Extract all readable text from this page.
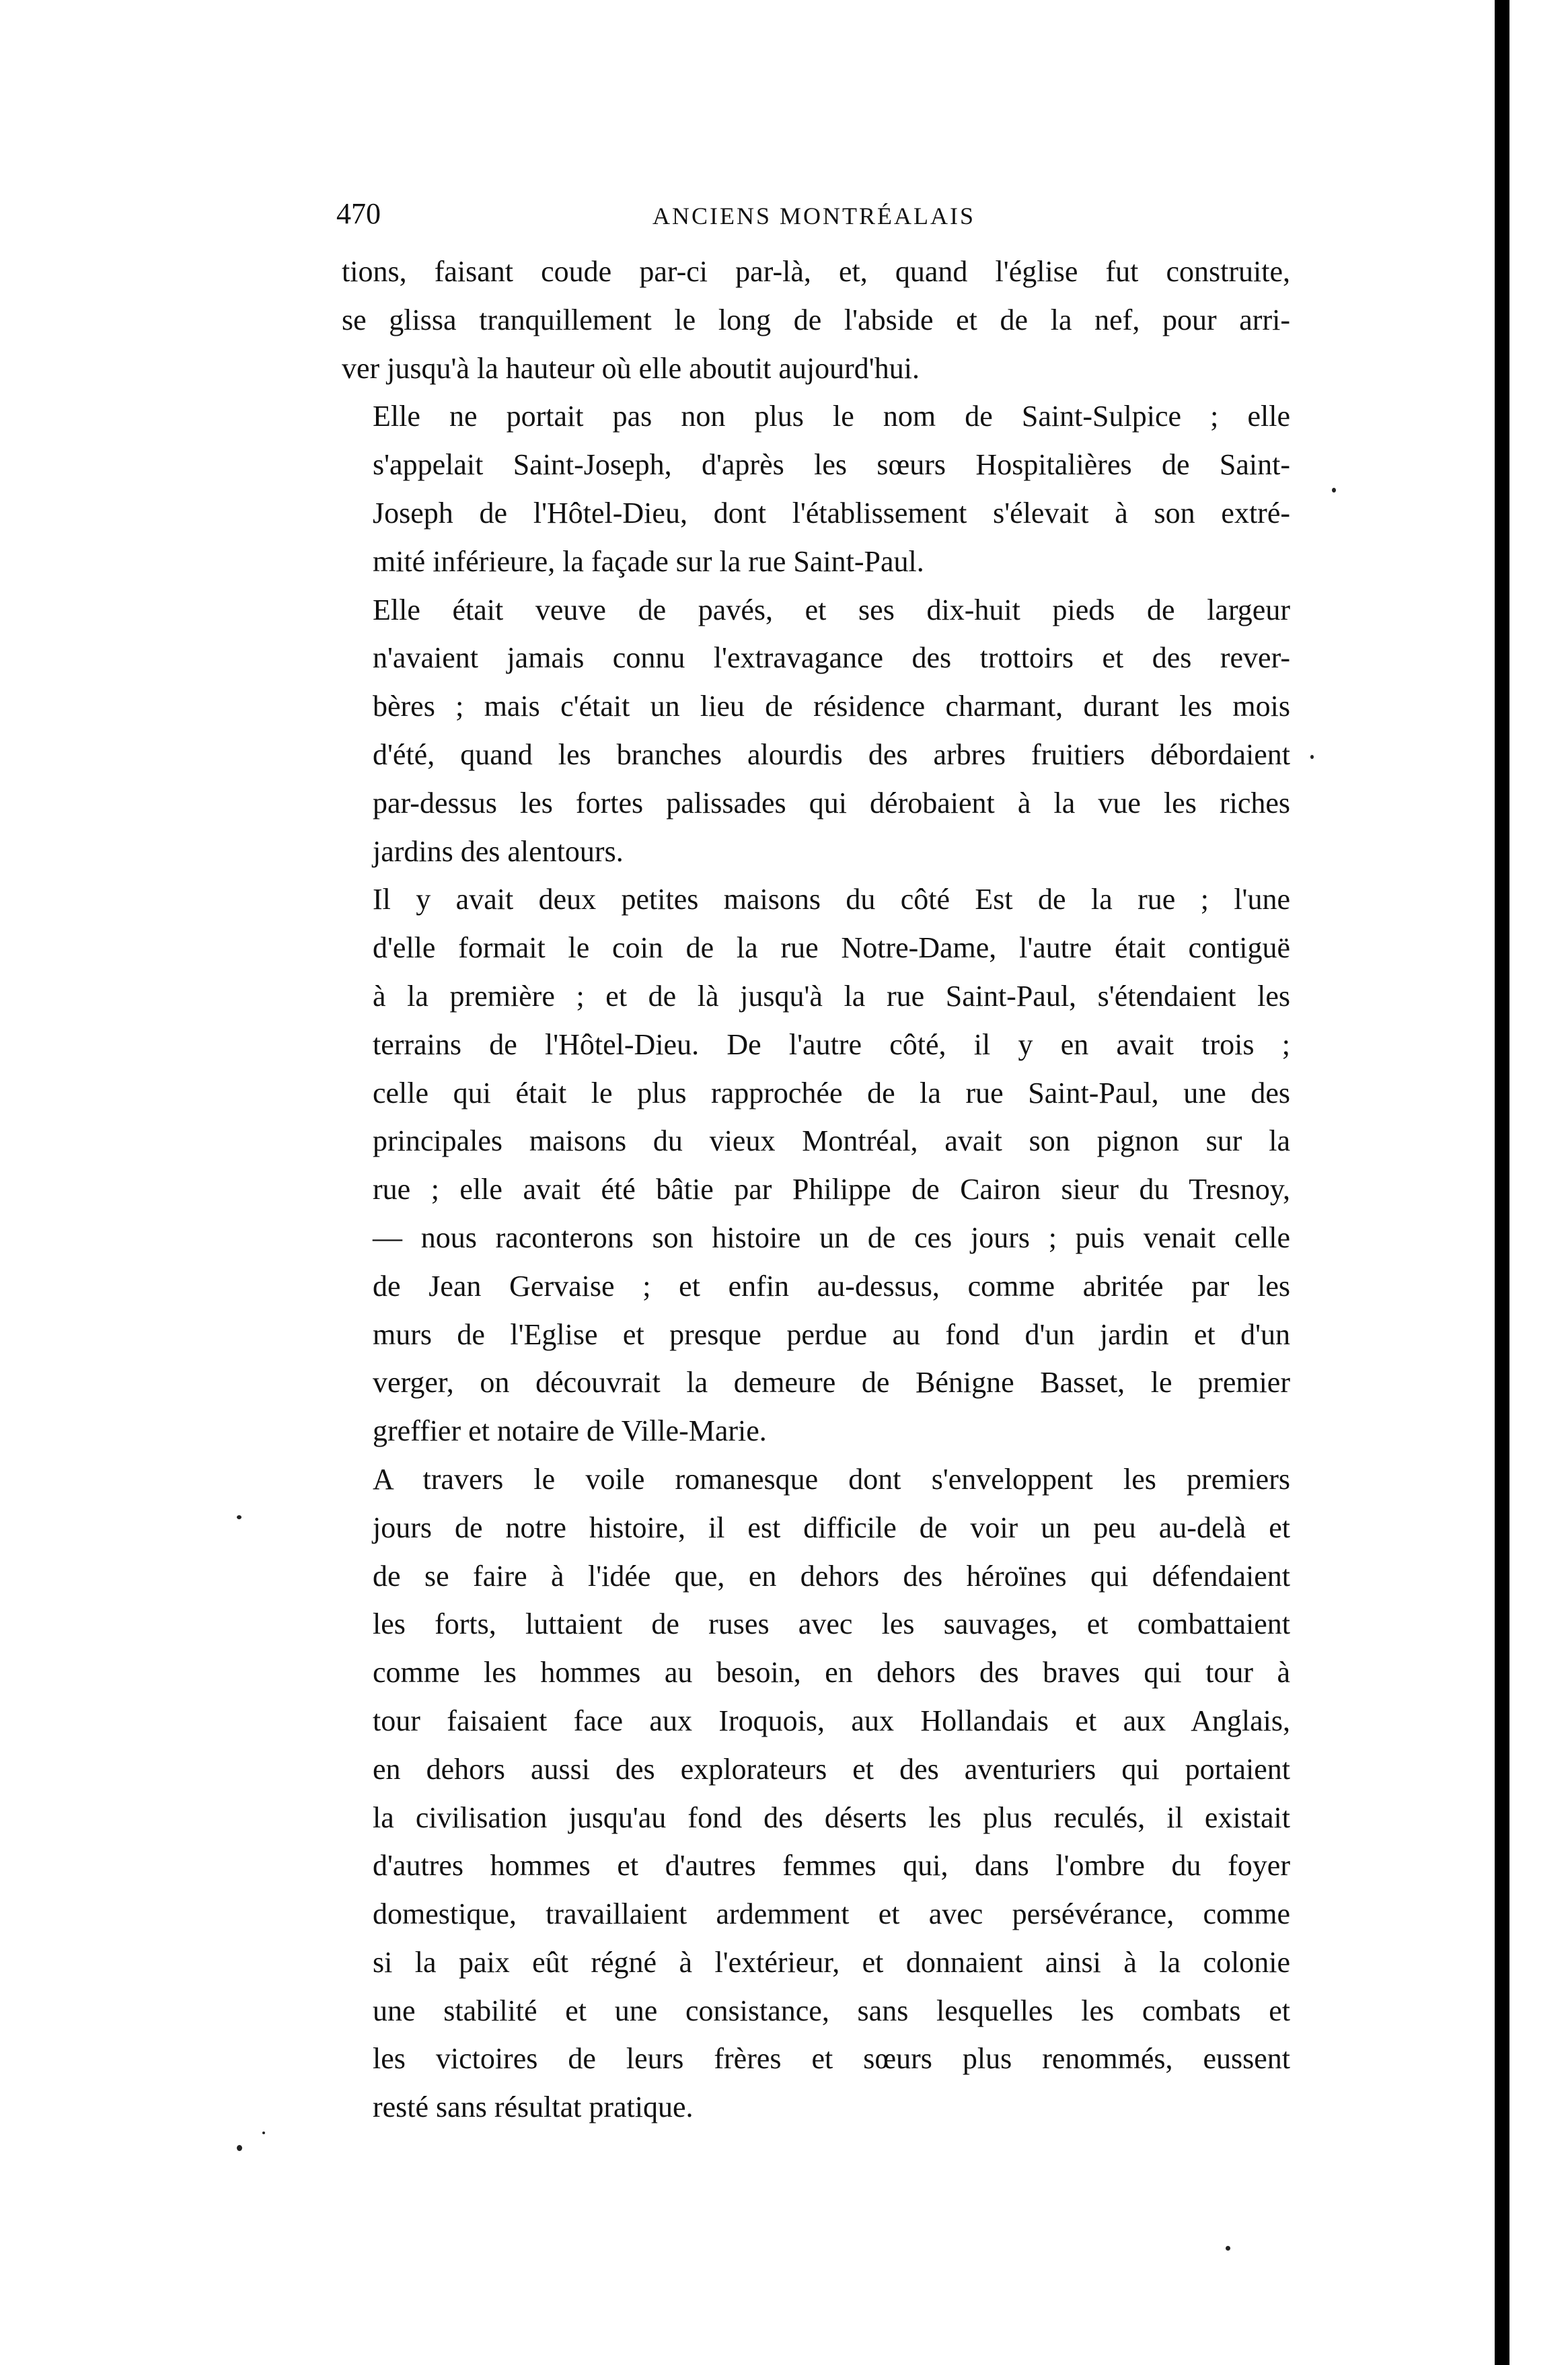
470	ANCIENS MONTRÉALAIS
tions, faisant coude par-ci par-là, et, quand l'église fut construite,
se glissa tranquillement le long de l'abside et de la nef, pour arri-
ver jusqu'à la hauteur où elle aboutit aujourd'hui.
Elle ne portait pas non plus le nom de Saint-Sulpice ; elle
s'appelait Saint-Joseph, d'après les sœurs Hospitalières de Saint-
Joseph de l'Hôtel-Dieu, dont l'établissement s'élevait à son extré-
mité inférieure, la façade sur la rue Saint-Paul.
Elle était veuve de pavés, et ses dix-huit pieds de largeur
n'avaient jamais connu l'extravagance des trottoirs et des rever-
bères ; mais c'était un lieu de résidence charmant, durant les mois
d'été, quand les branches alourdis des arbres fruitiers débordaient
par-dessus les fortes palissades qui dérobaient à la vue les riches
jardins des alentours.
Il y avait deux petites maisons du côté Est de la rue ; l'une
d'elle formait le coin de la rue Notre-Dame, l'autre était contiguë
à la première ; et de là jusqu'à la rue Saint-Paul, s'étendaient les
terrains de l'Hôtel-Dieu. De l'autre côté, il y en avait trois ;
celle qui était le plus rapprochée de la rue Saint-Paul, une des
principales maisons du vieux Montréal, avait son pignon sur la
rue ; elle avait été bâtie par Philippe de Cairon sieur du Tresnoy,
— nous raconterons son histoire un de ces jours ; puis venait celle
de Jean Gervaise ; et enfin au-dessus, comme abritée par les
murs de l'Eglise et presque perdue au fond d'un jardin et d'un
verger, on découvrait la demeure de Bénigne Basset, le premier
greffier et notaire de Ville-Marie.
A travers le voile romanesque dont s'enveloppent les premiers
jours de notre histoire, il est difficile de voir un peu au-delà et
de se faire à l'idée que, en dehors des héroïnes qui défendaient
les forts, luttaient de ruses avec les sauvages, et combattaient
comme les hommes au besoin, en dehors des braves qui tour à
tour faisaient face aux Iroquois, aux Hollandais et aux Anglais,
en dehors aussi des explorateurs et des aventuriers qui portaient
la civilisation jusqu'au fond des déserts les plus reculés, il existait
d'autres hommes et d'autres femmes qui, dans l'ombre du foyer
domestique, travaillaient ardemment et avec persévérance, comme
si la paix eût régné à l'extérieur, et donnaient ainsi à la colonie
une stabilité et une consistance, sans lesquelles les combats et
les victoires de leurs frères et sœurs plus renommés, eussent
resté sans résultat pratique.
